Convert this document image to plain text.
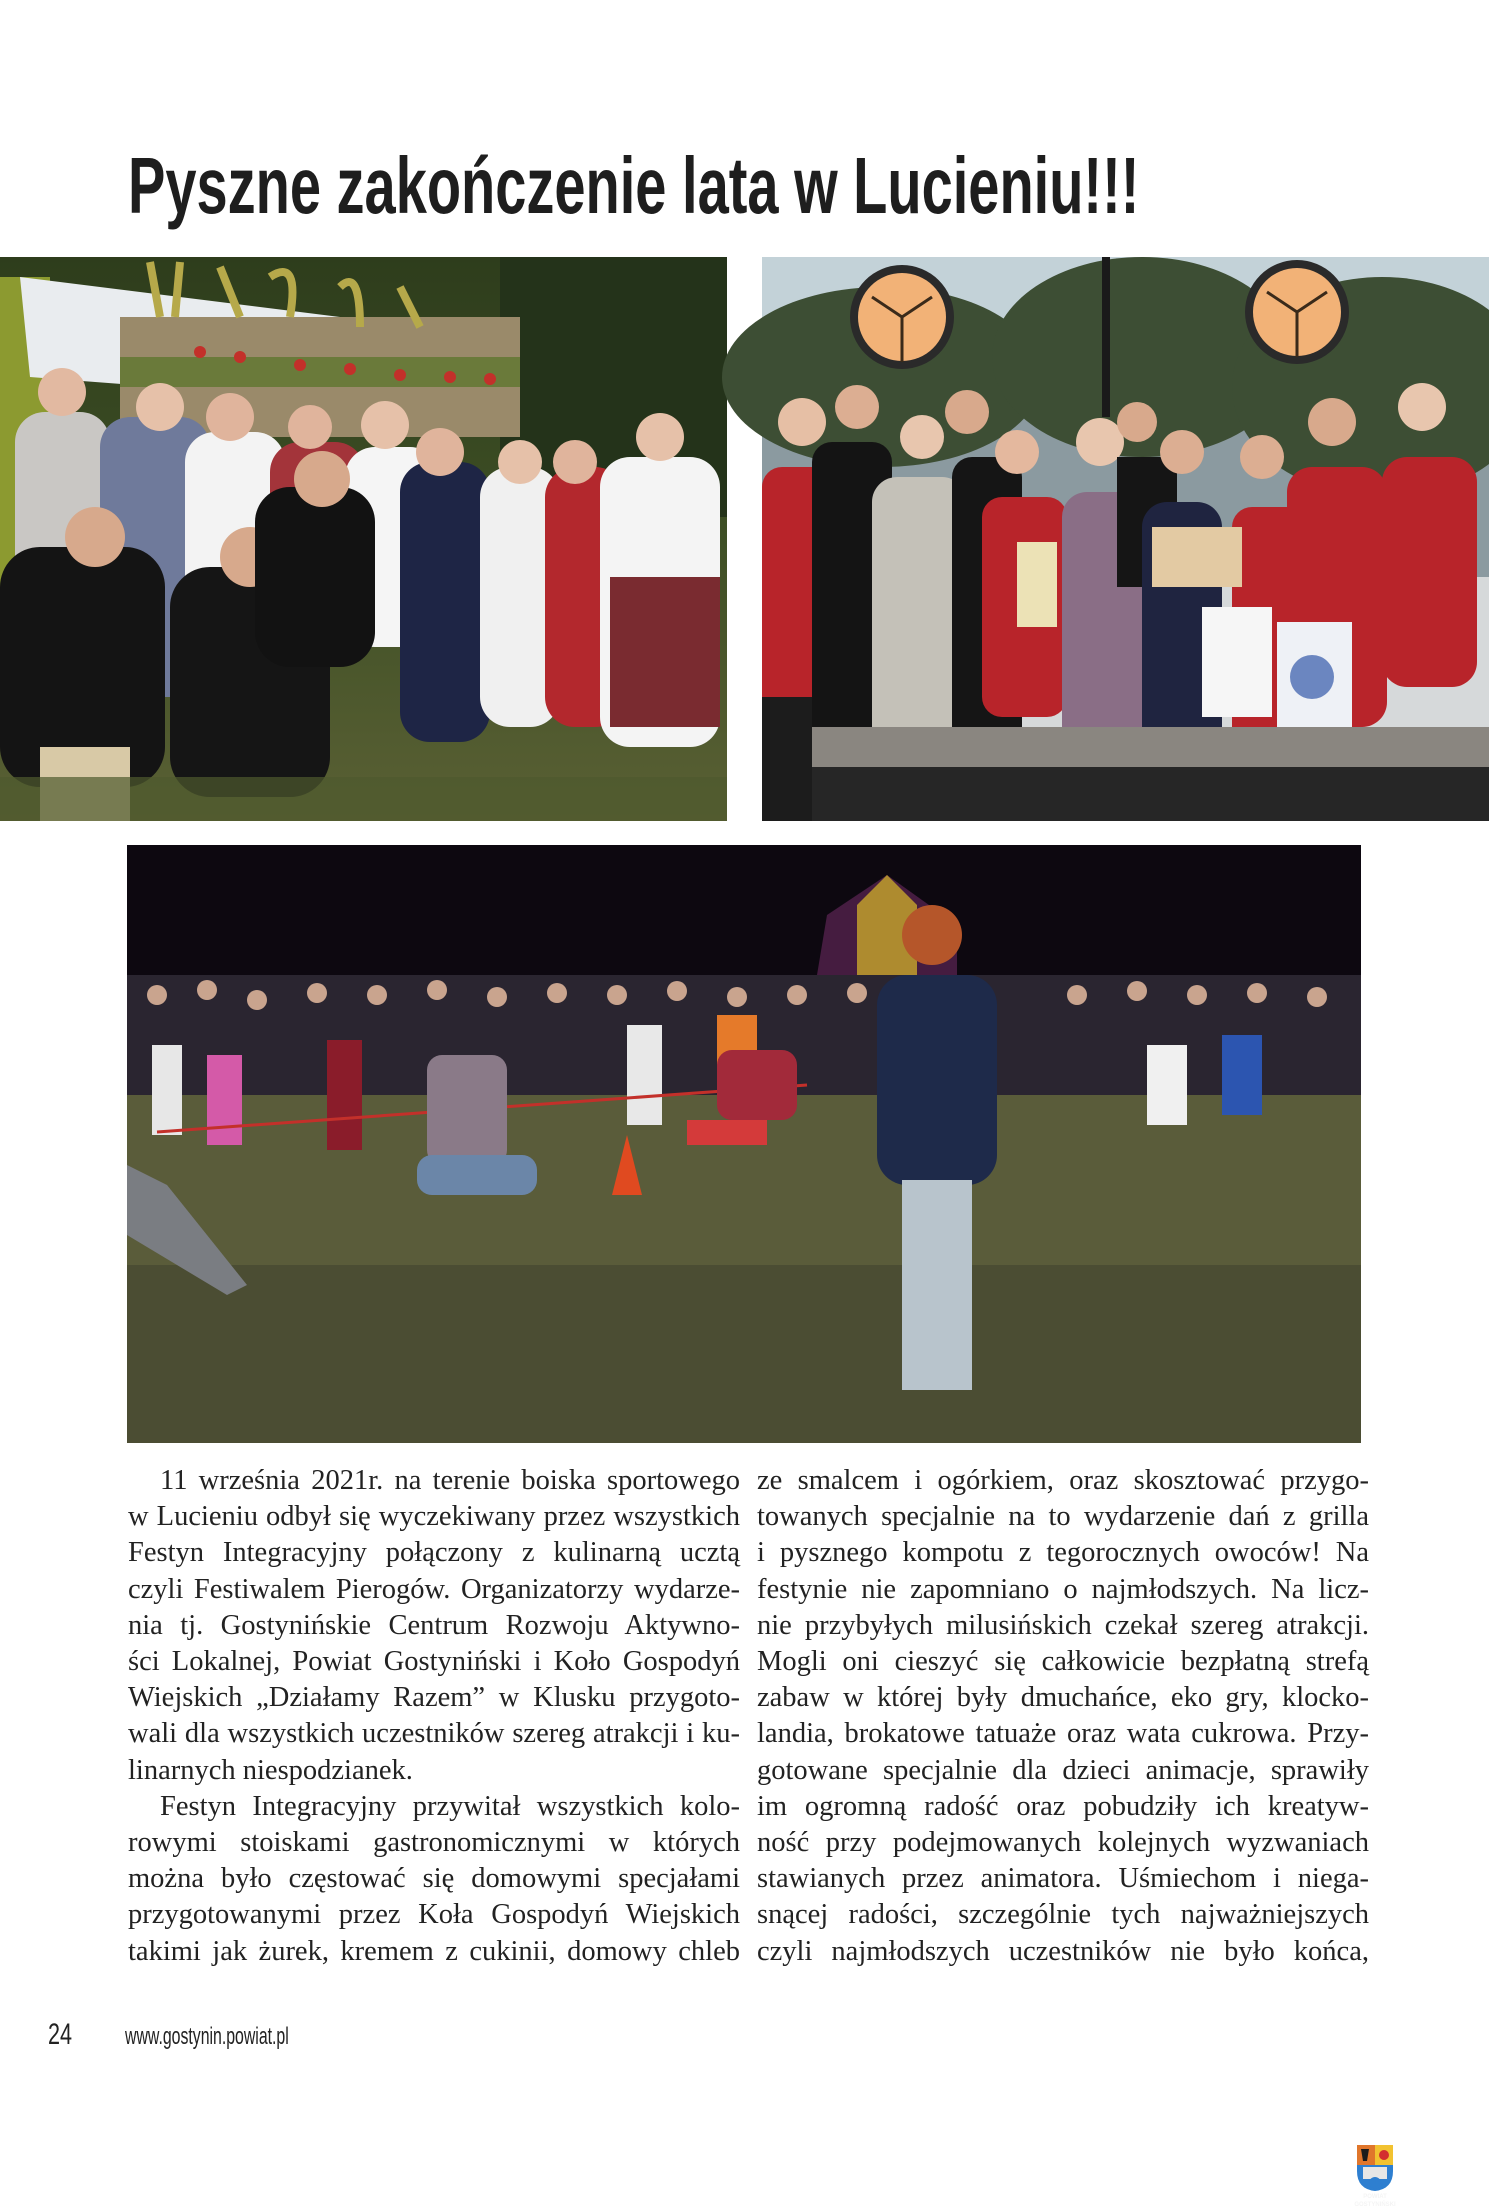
Pyszne zakończenie lata w Lucieniu!!!
POWIAT
GOSTYNIŃSKI

11 września 2021r. na terenie boiska sportowego
w Lucieniu odbył się wyczekiwany przez wszystkich
Festyn Integracyjny połączony z kulinarną ucztą
czyli Festiwalem Pierogów. Organizatorzy wydarze-
nia tj. Gostynińskie Centrum Rozwoju Aktywno-
ści Lokalnej, Powiat Gostyniński i Koło Gospodyń
Wiejskich „Działamy Razem” w Klusku przygoto-
wali dla wszystkich uczestników szereg atrakcji i ku-
linarnych niespodzianek.

Festyn Integracyjny przywitał wszystkich kolo-
rowymi stoiskami gastronomicznymi w których
można było częstować się domowymi specjałami
przygotowanymi przez Koła Gospodyń Wiejskich
takimi jak żurek, kremem z cukinii, domowy chleb

ze smalcem i ogórkiem, oraz skosztować przygo-
towanych specjalnie na to wydarzenie dań z grilla
i pysznego kompotu z tegorocznych owoców! Na
festynie nie zapomniano o najmłodszych. Na licz-
nie przybyłych milusińskich czekał szereg atrakcji.
Mogli oni cieszyć się całkowicie bezpłatną strefą
zabaw w której były dmuchańce, eko gry, klocko-
landia, brokatowe tatuaże oraz wata cukrowa. Przy-
gotowane specjalnie dla dzieci animacje, sprawiły
im ogromną radość oraz pobudziły ich kreatyw-
ność przy podejmowanych kolejnych wyzwaniach
stawianych przez animatora. Uśmiechom i niega-
snącej radości, szczególnie tych najważniejszych
czyli najmłodszych uczestników nie było końca,

24 www.gostynin.powiat.pl
